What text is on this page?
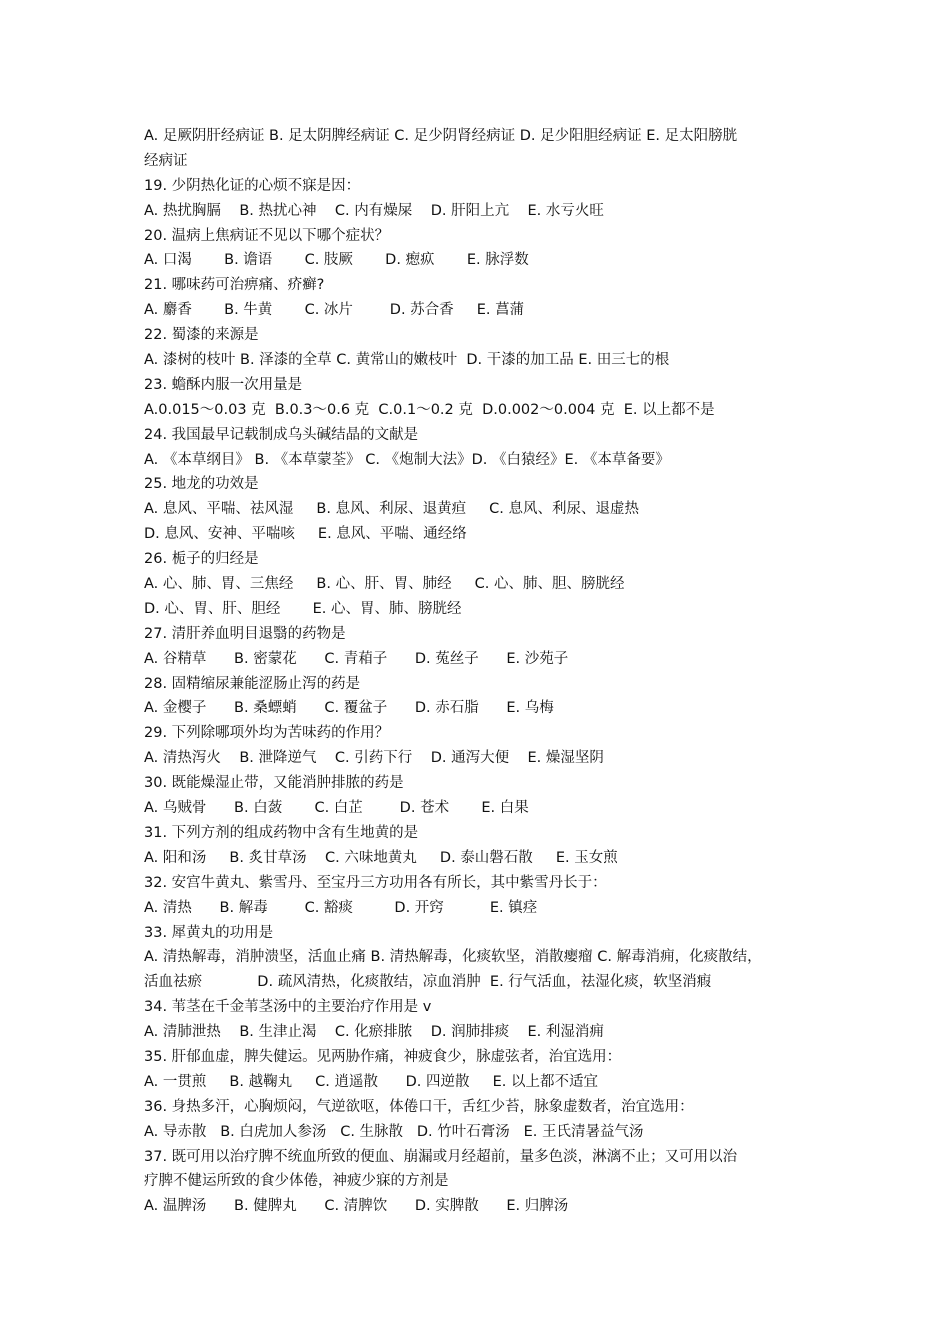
A. 足厥阴肝经病证 B. 足太阴脾经病证 C. 足少阴肾经病证 D. 足少阳胆经病证 E. 足太阳膀胱
经病证
19. 少阴热化证的心烦不寐是因：
A. 热扰胸膈    B. 热扰心神    C. 内有燥屎    D. 肝阳上亢    E. 水亏火旺
20. 温病上焦病证不见以下哪个症状？
A. 口渴       B. 谵语       C. 肢厥       D. 瘛疭       E. 脉浮数
21. 哪味药可治痹痛、疥癣?
A. 麝香       B. 牛黄       C. 冰片        D. 苏合香     E. 菖蒲
22. 蜀漆的来源是
A. 漆树的枝叶 B. 泽漆的全草 C. 黄常山的嫩枝叶  D. 干漆的加工品 E. 田三七的根
23. 蟾酥内服一次用量是
A.0.015～0.03 克  B.0.3～0.6 克  C.0.1～0.2 克  D.0.002～0.004 克  E. 以上都不是
24. 我国最早记载制成乌头碱结晶的文献是
A. 《本草纲目》 B. 《本草蒙荃》 C. 《炮制大法》D. 《白猿经》E. 《本草备要》
25. 地龙的功效是
A. 息风、平喘、祛风湿     B. 息风、利尿、退黄疸     C. 息风、利尿、退虚热
D. 息风、安神、平喘咳     E. 息风、平喘、通经络
26. 栀子的归经是
A. 心、肺、胃、三焦经     B. 心、肝、胃、肺经     C. 心、肺、胆、膀胱经
D. 心、胃、肝、胆经       E. 心、胃、肺、膀胱经
27. 清肝养血明目退翳的药物是
A. 谷精草      B. 密蒙花      C. 青葙子      D. 菟丝子      E. 沙苑子
28. 固精缩尿兼能涩肠止泻的药是
A. 金樱子      B. 桑螵蛸      C. 覆盆子      D. 赤石脂      E. 乌梅
29. 下列除哪项外均为苦味药的作用？
A. 清热泻火    B. 泄降逆气    C. 引药下行    D. 通泻大便    E. 燥湿坚阴
30. 既能燥湿止带，又能消肿排脓的药是
A. 乌贼骨      B. 白蔹       C. 白芷        D. 苍术       E. 白果
31. 下列方剂的组成药物中含有生地黄的是
A. 阳和汤     B. 炙甘草汤    C. 六味地黄丸     D. 泰山磐石散     E. 玉女煎
32. 安宫牛黄丸、紫雪丹、至宝丹三方功用各有所长，其中紫雪丹长于：
A. 清热      B. 解毒        C. 豁痰         D. 开窍          E. 镇痉
33. 犀黄丸的功用是
A. 清热解毒，消肿溃坚，活血止痛 B. 清热解毒，化痰软坚，消散瘿瘤 C. 解毒消痈，化痰散结，
活血祛瘀            D. 疏风清热，化痰散结，凉血消肿  E. 行气活血，祛湿化痰，软坚消瘕
34. 苇茎在千金苇茎汤中的主要治疗作用是 v
A. 清肺泄热    B. 生津止渴    C. 化瘀排脓    D. 润肺排痰    E. 利湿消痈
35. 肝郁血虚，脾失健运。见两胁作痛，神疲食少，脉虚弦者，治宜选用：
A. 一贯煎     B. 越鞠丸     C. 逍遥散      D. 四逆散     E. 以上都不适宜
36. 身热多汗，心胸烦闷，气逆欲呕，体倦口干，舌红少苔，脉象虚数者，治宜选用：
A. 导赤散   B. 白虎加人参汤   C. 生脉散   D. 竹叶石膏汤   E. 王氏清暑益气汤
37. 既可用以治疗脾不统血所致的便血、崩漏或月经超前，量多色淡，淋漓不止；又可用以治
疗脾不健运所致的食少体倦，神疲少寐的方剂是
A. 温脾汤      B. 健脾丸      C. 清脾饮      D. 实脾散      E. 归脾汤
